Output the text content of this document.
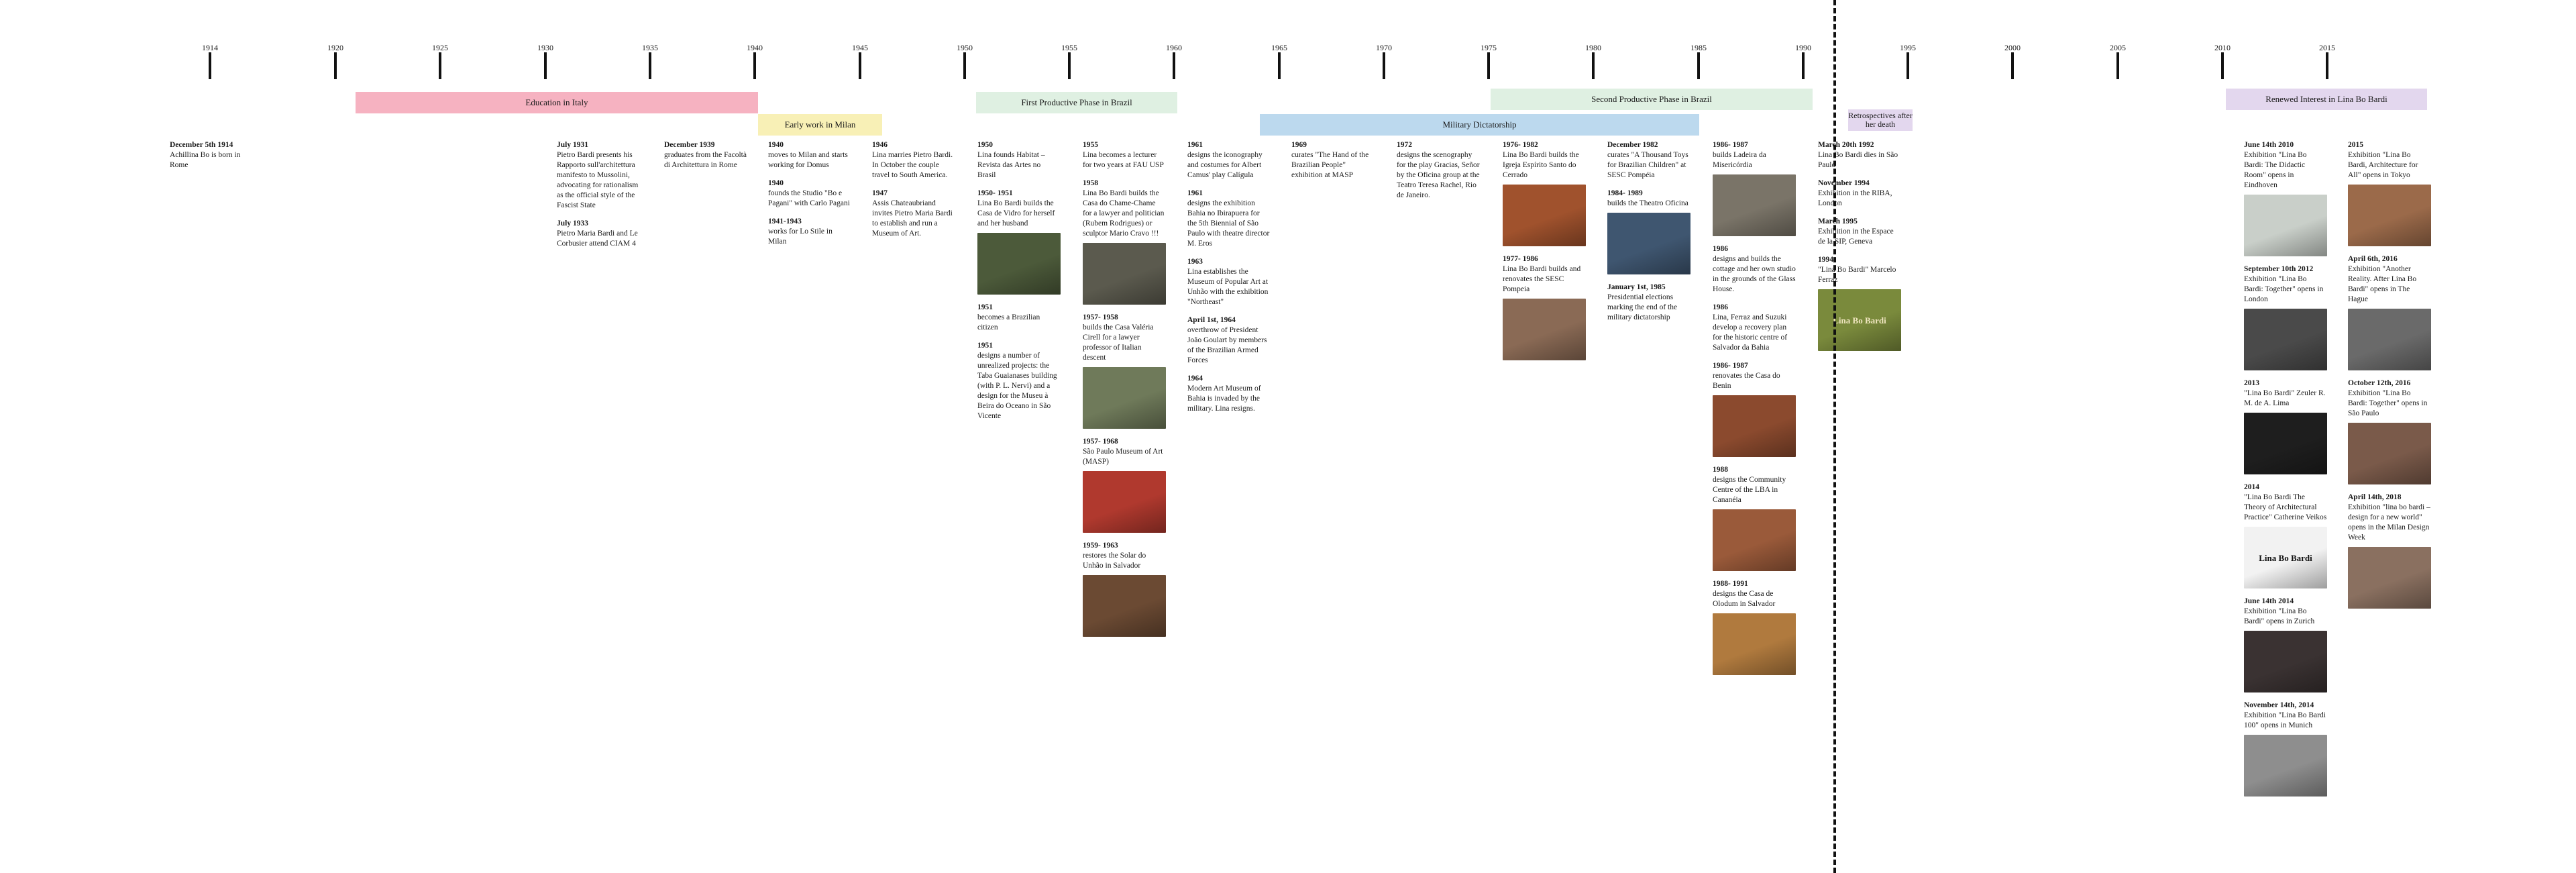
1914	1920	1925	1930	1935	1940	1945	1950	1955	1960	1965	1970	1975	1980	1985	1990	1995	2000	2005	2010	2015
Education in Italy
Early work in Milan
First Productive Phase in Brazil
Military Dictatorship
Second Productive Phase in Brazil
Retrospectives after her death
Renewed Interest in Lina Bo Bardi
December 5th 1914
Achillina Bo is born in Rome
July 1931
Pietro Bardi presents his Rapporto sull'architettura manifesto to Mussolini, advocating for rationalism as the official style of the Fascist State
July 1933
Pietro Maria Bardi and Le Corbusier attend CIAM 4
December 1939
graduates from the Facoltà di Architettura in Rome
1940
moves to Milan and starts working for Domus
1940
founds the Studio "Bo e Pagani" with Carlo Pagani
1941-1943
works for Lo Stile in Milan
1946
Lina marries Pietro Bardi. In October the couple travel to South America.
1947
Assis Chateaubriand invites Pietro Maria Bardi to establish and run a Museum of Art.
1950
Lina founds Habitat – Revista das Artes no Brasil
1950- 1951
Lina Bo Bardi builds the Casa de Vidro for herself and her husband
1951
becomes a Brazilian citizen
1951
designs a number of unrealized projects: the Taba Guaianases building (with P. L. Nervi) and a design for the Museu à Beira do Oceano in São Vicente
1955
Lina becomes a lecturer for two years at FAU USP
1958
Lina Bo Bardi builds the Casa do Chame-Chame for a lawyer and politician (Rubem Rodrigues) or sculptor Mario Cravo !!!
1957- 1958
builds the Casa Valéria Cirell for a lawyer professor of Italian descent
1957- 1968
São Paulo Museum of Art (MASP)
1959- 1963
restores the Solar do Unhão in Salvador
1961
designs the iconography and costumes for Albert Camus' play Calígula
1961
designs the exhibition Bahia no Ibirapuera for the 5th Biennial of São Paulo with theatre director M. Eros
1963
Lina establishes the Museum of Popular Art at Unhão with the exhibition "Northeast"
April 1st, 1964
overthrow of President João Goulart by members of the Brazilian Armed Forces
1964
Modern Art Museum of Bahia is invaded by the military. Lina resigns.
1969
curates "The Hand of the Brazilian People" exhibition at MASP
1972
designs the scenography for the play Gracias, Señor by the Oficina group at the Teatro Teresa Rachel, Rio de Janeiro.
1976- 1982
Lina Bo Bardi builds the Igreja Espírito Santo do Cerrado
1977- 1986
Lina Bo Bardi builds and renovates the SESC Pompeia
December 1982
curates "A Thousand Toys for Brazilian Children" at SESC Pompéia
1984- 1989
builds the Theatro Oficina
January 1st, 1985
Presidential elections marking the end of the military dictatorship
1986- 1987
builds Ladeira da Misericórdia
1986
designs and builds the cottage and her own studio in the grounds of the Glass House.
1986
Lina, Ferraz and Suzuki develop a recovery plan for the historic centre of Salvador da Bahia
1986- 1987
renovates the Casa do Benin
1988
designs the Community Centre of the LBA in Cananéia
1988- 1991
designs the Casa de Olodum in Salvador
March 20th 1992
Lina Bo Bardi dies in São Paulo
November 1994
Exhibition in the RIBA, London
March 1995
Exhibition in the Espace de la SIP, Geneva
1994
"Lina Bo Bardi" Marcelo Ferraz
Lina Bo Bardi
June 14th 2010
Exhibition "Lina Bo Bardi: The Didactic Room" opens in Eindhoven
September 10th 2012
Exhibition "Lina Bo Bardi: Together" opens in London
2013
"Lina Bo Bardi" Zeuler R. M. de A. Lima
2014
"Lina Bo Bardi The Theory of Architectural Practice" Catherine Veikos
Lina Bo Bardi
June 14th 2014
Exhibition "Lina Bo Bardi" opens in Zurich
November 14th, 2014
Exhibition "Lina Bo Bardi 100" opens in Munich
2015
Exhibition "Lina Bo Bardi, Architecture for All" opens in Tokyo
April 6th, 2016
Exhibition "Another Reality. After Lina Bo Bardi" opens in The Hague
October 12th, 2016
Exhibition "Lina Bo Bardi: Together" opens in São Paulo
April 14th, 2018
Exhibition "lina bo bardi – design for a new world" opens in the Milan Design Week
